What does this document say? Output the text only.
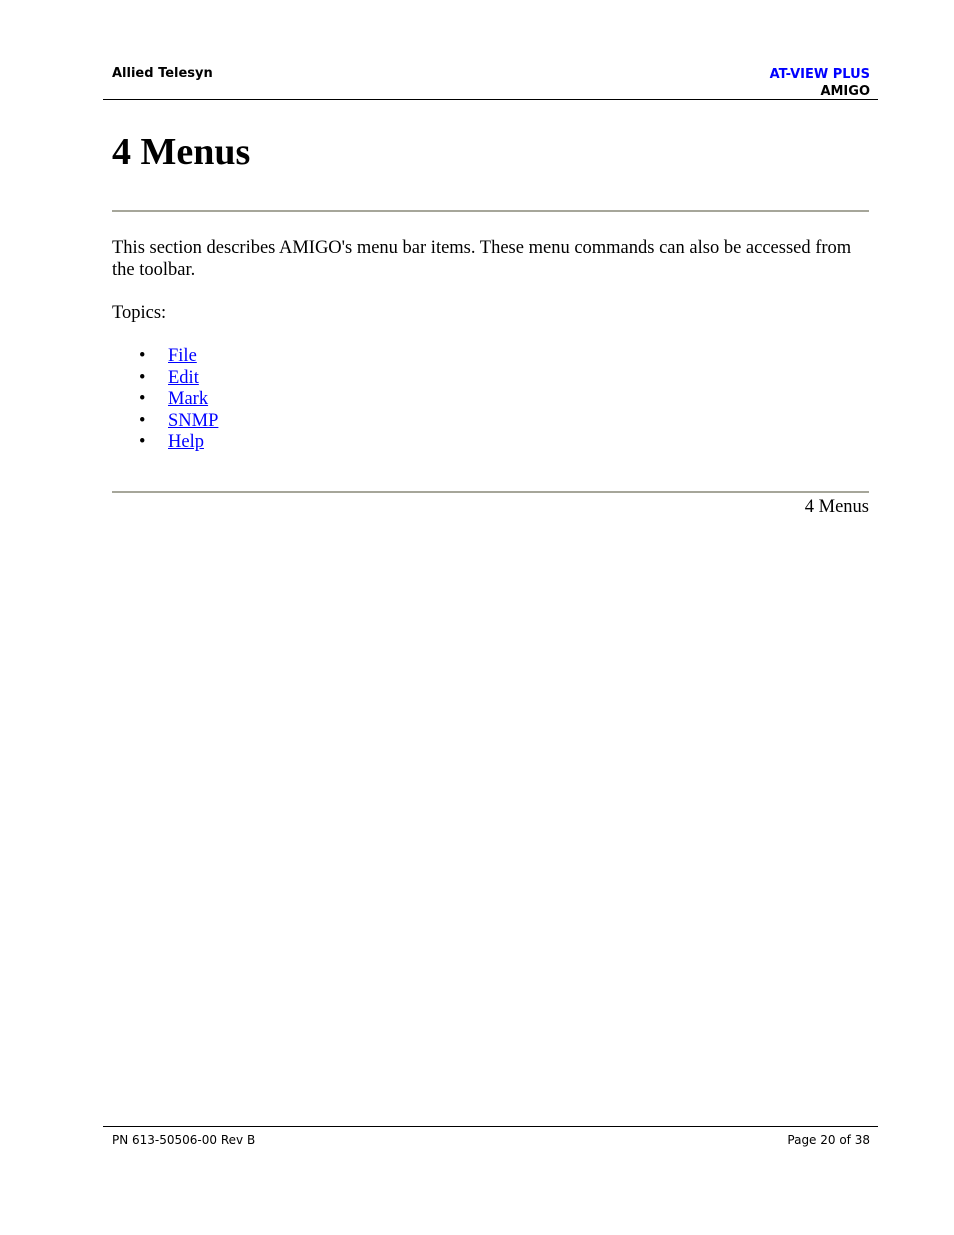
Allied Telesyn	AT-VIEW PLUS
AMIGO
4 Menus

This section describes AMIGO's menu bar items. These menu commands can also be accessed from the toolbar.

Topics:

• File
• Edit
• Mark
• SNMP
• Help
4 Menus
PN 613-50506-00 Rev B	Page 20 of 38
